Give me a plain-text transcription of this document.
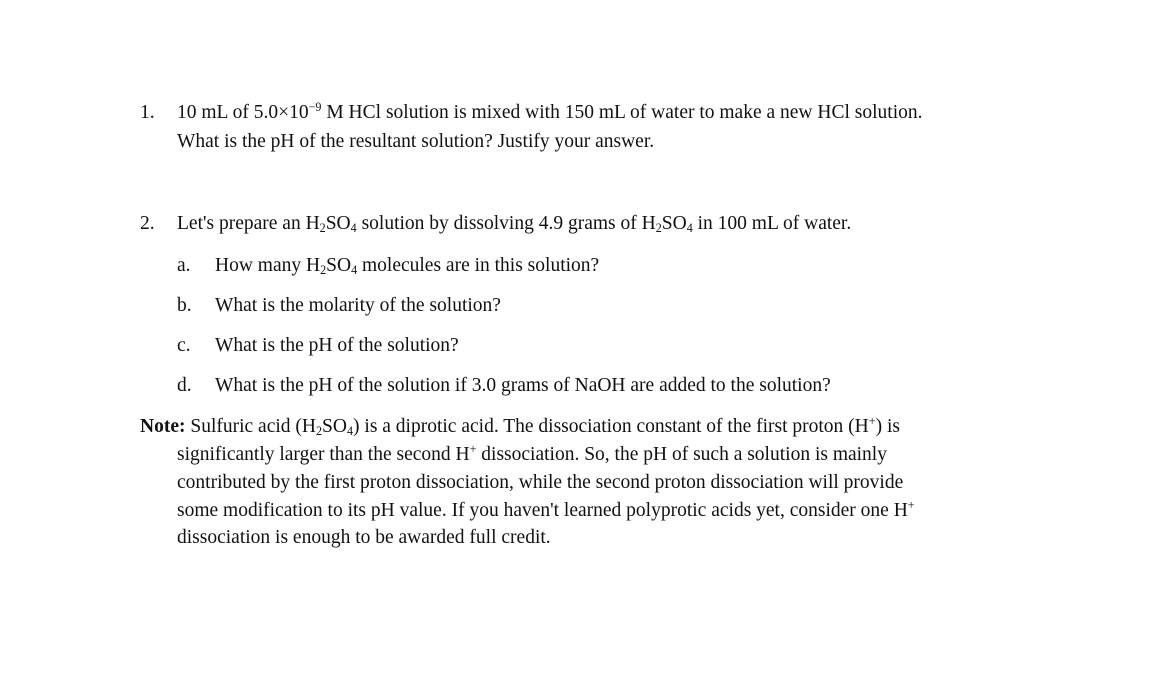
1. 10 mL of $5.0\times 10^{-9}$ M HCl solution is mixed with 150 mL of water to make a new HCl solution.
What is the pH of the resultant solution? Justify your answer.
2. Let's prepare an $H_2SO_4$ solution by dissolving 4.9 grams of $H_2SO_4$ in 100 mL of water.
a. How many $H_2SO_4$ molecules are in this solution?
b. What is the molarity of the solution?
c. What is the pH of the solution?
d. What is the pH of the solution if 3.0 grams of NaOH are added to the solution?
Note: Sulfuric acid $(H_2SO_4)$ is a diprotic acid. The dissociation constant of the first proton (H+) is
significantly larger than the second H+ dissociation. So, the pH of such a solution is mainly
contributed by the first proton dissociation, while the second proton dissociation will provide
some modification to its pH value. If you haven't learned polyprotic acids yet, consider one H+
dissociation is enough to be awarded full credit.
